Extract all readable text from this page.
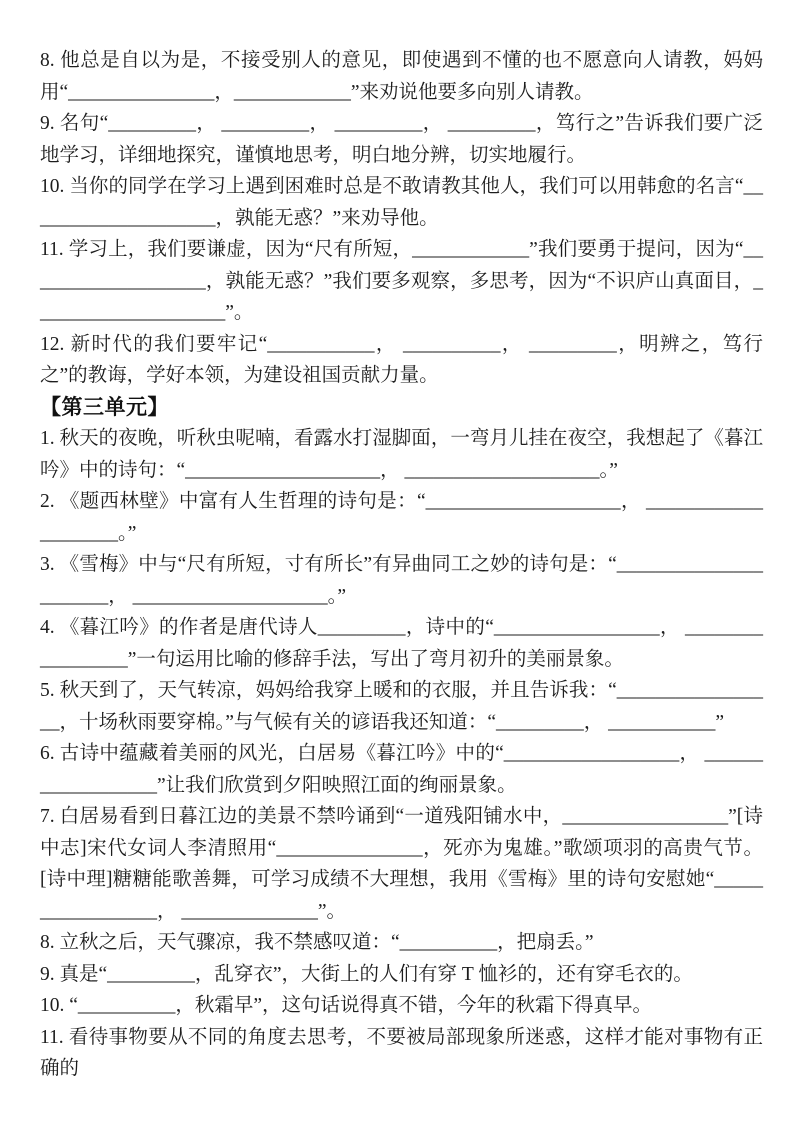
8. 他总是自以为是，不接受别人的意见，即使遇到不懂的也不愿意向人请教，妈妈用“_______________，____________”来劝说他要多向别人请教。

9. 名句“_________， _________， _________， _________，笃行之”告诉我们要广泛地学习，详细地探究，谨慎地思考，明白地分辨，切实地履行。

10. 当你的同学在学习上遇到困难时总是不敢请教其他人，我们可以用韩愈的名言“____________________，孰能无惑？”来劝导他。

11. 学习上，我们要谦虚，因为“尺有所短，____________”我们要勇于提问，因为“___________________，孰能无惑？”我们要多观察，多思考，因为“不识庐山真面目，____________________”。

12. 新时代的我们要牢记“___________， __________， _________，明辨之，笃行之”的教诲，学好本领，为建设祖国贡献力量。

【第三单元】

1. 秋天的夜晚，听秋虫呢喃，看露水打湿脚面，一弯月儿挂在夜空，我想起了《暮江吟》中的诗句：“____________________， ____________________。”

2. 《题西林壁》中富有人生哲理的诗句是：“____________________， ____________________。”

3. 《雪梅》中与“尺有所短，寸有所长”有异曲同工之妙的诗句是：“______________________， ____________________。”

4. 《暮江吟》的作者是唐代诗人_________，诗中的“_________________， _________________”一句运用比喻的修辞手法，写出了弯月初升的美丽景象。

5. 秋天到了，天气转凉，妈妈给我穿上暖和的衣服，并且告诉我：“_________________，十场秋雨要穿棉。”与气候有关的谚语我还知道：“_________， ___________”

6. 古诗中蕴藏着美丽的风光，白居易《暮江吟》中的“__________________， __________________”让我们欣赏到夕阳映照江面的绚丽景象。

7. 白居易看到日暮江边的美景不禁吟诵到“一道残阳铺水中，_________________”[诗中志]宋代女词人李清照用“_______________，死亦为鬼雄。”歌颂项羽的高贵气节。[诗中理]糖糖能歌善舞，可学习成绩不大理想，我用《雪梅》里的诗句安慰她“_________________， ______________”。

8. 立秋之后，天气骤凉，我不禁感叹道：“__________，把扇丢。”

9. 真是“_________，乱穿衣”，大街上的人们有穿 T 恤衫的，还有穿毛衣的。

10. “__________，秋霜早”，这句话说得真不错，今年的秋霜下得真早。

11. 看待事物要从不同的角度去思考，不要被局部现象所迷惑，这样才能对事物有正确的
